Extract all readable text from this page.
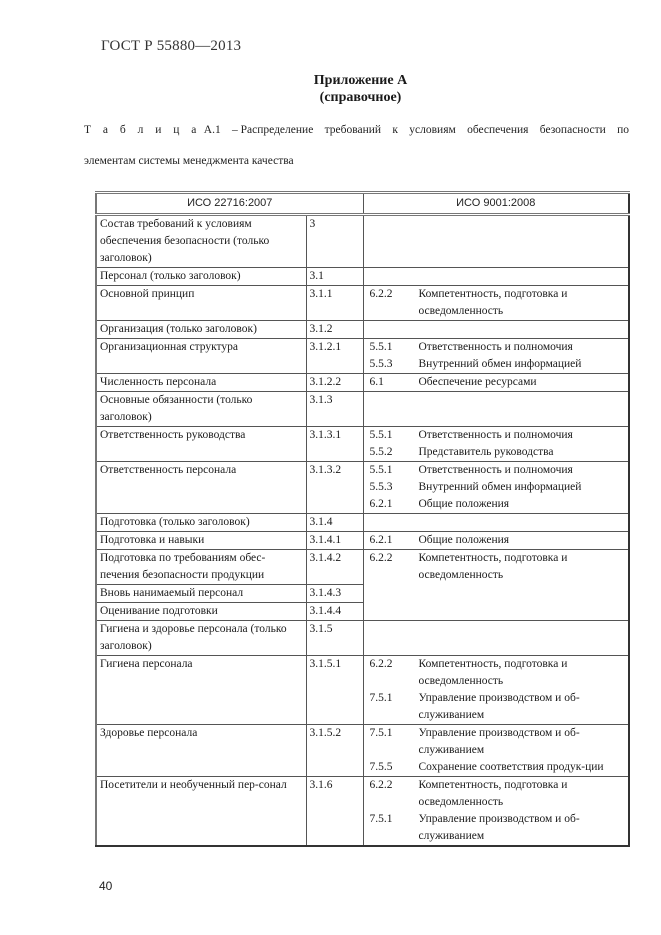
ГОСТ Р 55880—2013
Приложение А
(справочное)
Т а б л и ц а А.1 – Распределение требований к условиям обеспечения безопасности по
элементам системы менеджмента качества
ИСО 22716:2007		ИСО 9001:2008
Состав требований к условиям обеспечения безопасности (только заголовок)	3	
Персонал (только заголовок)	3.1	
Основной принцип	3.1.1	6.2.2 Компетентность, подготовка и осведомленность

Организация (только заголовок)	3.1.2	
Организационная структура	3.1.2.1	5.5.1 Ответственность и полномочия
5.5.3 Внутренний обмен информацией

Численность персонала	3.1.2.2	6.1 Обеспечение ресурсами

Основные обязанности (только заголовок)	3.1.3	
Ответственность руководства	3.1.3.1	5.5.1 Ответственность и полномочия
5.5.2 Представитель руководства

Ответственность персонала	3.1.3.2	5.5.1	Ответственность и полномочия
5.5.3	Внутренний обмен информацией
6.2.1	Общие положения

Подготовка (только заголовок)	3.1.4	
Подготовка и навыки	3.1.4.1	6.2.1 Общие положения

Подготовка по требованиям обес-печения безопасности продукции	3.1.4.2	6.2.2 Компетентность, подготовка и осведомленность

Вновь нанимаемый персонал	3.1.4.3	
Оценивание подготовки	3.1.4.4	
Гигиена и здоровье персонала (только заголовок)	3.1.5	
Гигиена персонала	3.1.5.1	6.2.2 Компетентность, подготовка и осведомленность
7.5.1 Управление производством и об-служиванием

Здоровье персонала	3.1.5.2	7.5.1 Управление производством и об-служиванием
7.5.5 Сохранение соответствия продук-ции

Посетители и необученный пер-сонал	3.1.6	6.2.2 Компетентность, подготовка и осведомленность
7.5.1 Управление производством и об-служиванием
40
